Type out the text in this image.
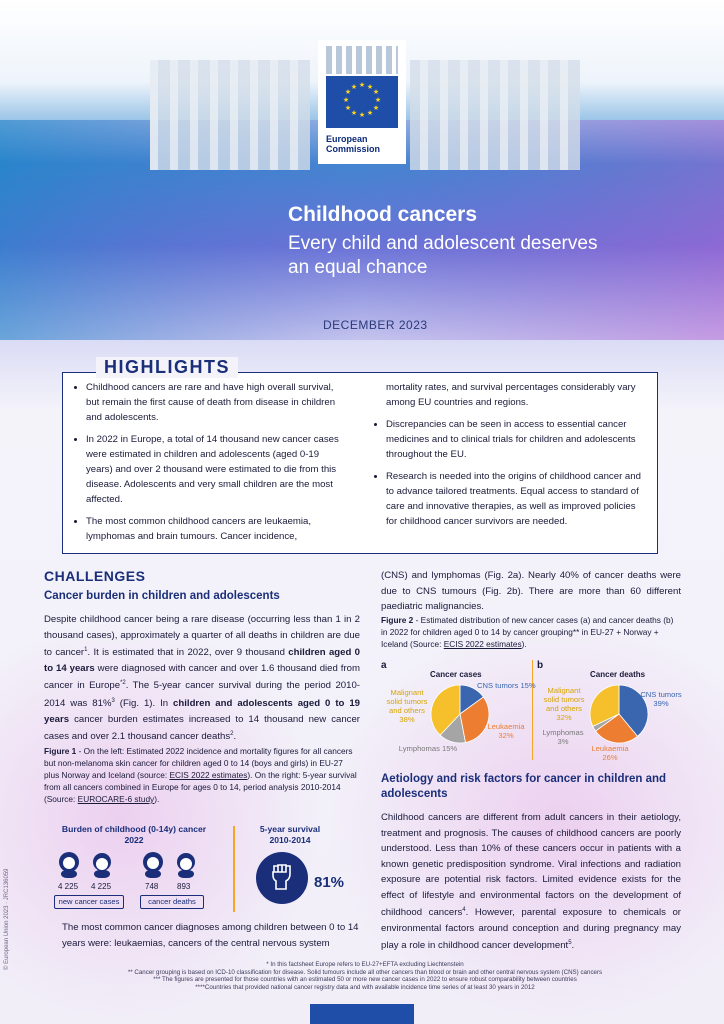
★ ★
★
★
★
★
★
★
★
★
★
★
European
Commission
Childhood cancers
Every child and adolescent deserves an equal chance
DECEMBER 2023
HIGHLIGHTS
• Childhood cancers are rare and have high overall survival, but remain the first cause of death from disease in children and adolescents.
• In 2022 in Europe, a total of 14 thousand new cancer cases were estimated in children and adolescents (aged 0-19 years) and over 2 thousand were estimated to die from this disease. Adolescents and very small children are the most affected.
• The most common childhood cancers are leukaemia, lymphomas and brain tumours. Cancer incidence,
mortality rates, and survival percentages considerably vary among EU countries and regions.
• Discrepancies can be seen in access to essential cancer medicines and to clinical trials for children and adolescents throughout the EU.
• Research is needed into the origins of childhood cancer and to advance tailored treatments. Equal access to standard of care and innovative therapies, as well as improved policies for childhood cancer survivors are needed.
CHALLENGES
Cancer burden in children and adolescents
Despite childhood cancer being a rare disease (occurring less than 1 in 2 thousand cases), approximately a quarter of all deaths in children are due to cancer$^1$. It is estimated that in 2022, over 9 thousand children aged 0 to 14 years were diagnosed with cancer and over 1.6 thousand died from cancer in Europe$^{*2}$. The 5-year cancer survival during the period 2010-2014 was 81%$^3$ (Fig. 1). In children and adolescents aged 0 to 19 years cancer burden estimates increased to 14 thousand new cancer cases and over 2.1 thousand cancer deaths$^2$.
Figure 1 - On the left: Estimated 2022 incidence and mortality figures for all cancers but non-melanoma skin cancer for children aged 0 to 14 (boys and girls) in EU-27 plus Norway and Iceland (source: ECIS 2022 estimates). On the right: 5-year survival from all cancers combined in Europe for ages 0 to 14, period analysis 2010-2014 (Source: EUROCARE-6 study).
Burden of childhood (0-14y) cancer
2022
4 225 4 225	748 893
new cancer cases	cancer deaths
5-year survival
2010-2014
81%
The most common cancer diagnoses among children between 0 to 14 years were: leukaemias, cancers of the central nervous system
(CNS) and lymphomas (Fig. 2a). Nearly 40% of cancer deaths were due to CNS tumours (Fig. 2b). There are more than 60 different paediatric malignancies.
Figure 2 - Estimated distribution of new cancer cases (a) and cancer deaths (b) in 2022 for children aged 0 to 14 by cancer grouping** in EU-27 + Norway + Iceland (Source: ECIS 2022 estimates).
a	b
Cancer cases	Cancer deaths
CNS tumors 15%
Leukaemia 32%
Lymphomas 15%
Malignant solid tumors and others 38%
CNS tumors 39%
Leukaemia 26%
Lymphomas 3%
Malignant solid tumors and others 32%
Aetiology and risk factors for cancer in children and adolescents
Childhood cancers are different from adult cancers in their aetiology, treatment and prognosis. The causes of childhood cancers are poorly understood. Less than 10% of these cancers occur in patients with a known genetic predisposition syndrome. Viral infections and radiation exposure are potential risk factors. Limited evidence exists for the effect of lifestyle and environmental factors on the development of childhood cancers$^4$. However, parental exposure to chemicals or environmental factors around conception and during pregnancy may play a role in childhood cancer development$^5$.
* In this factsheet Europe refers to EU-27+EFTA excluding Liechtenstein
** Cancer grouping is based on ICD-10 classification for disease. Solid tumours include all other cancers than blood or brain and other central nervous system (CNS) cancers
*** The figures are presented for those countries with an estimated 50 or more new cancer cases in 2022 to ensure robust comparability between countries
****Countries that provided national cancer registry data and with available incidence time series of at least 30 years in 2012
© European Union 2023 · JRC136059
